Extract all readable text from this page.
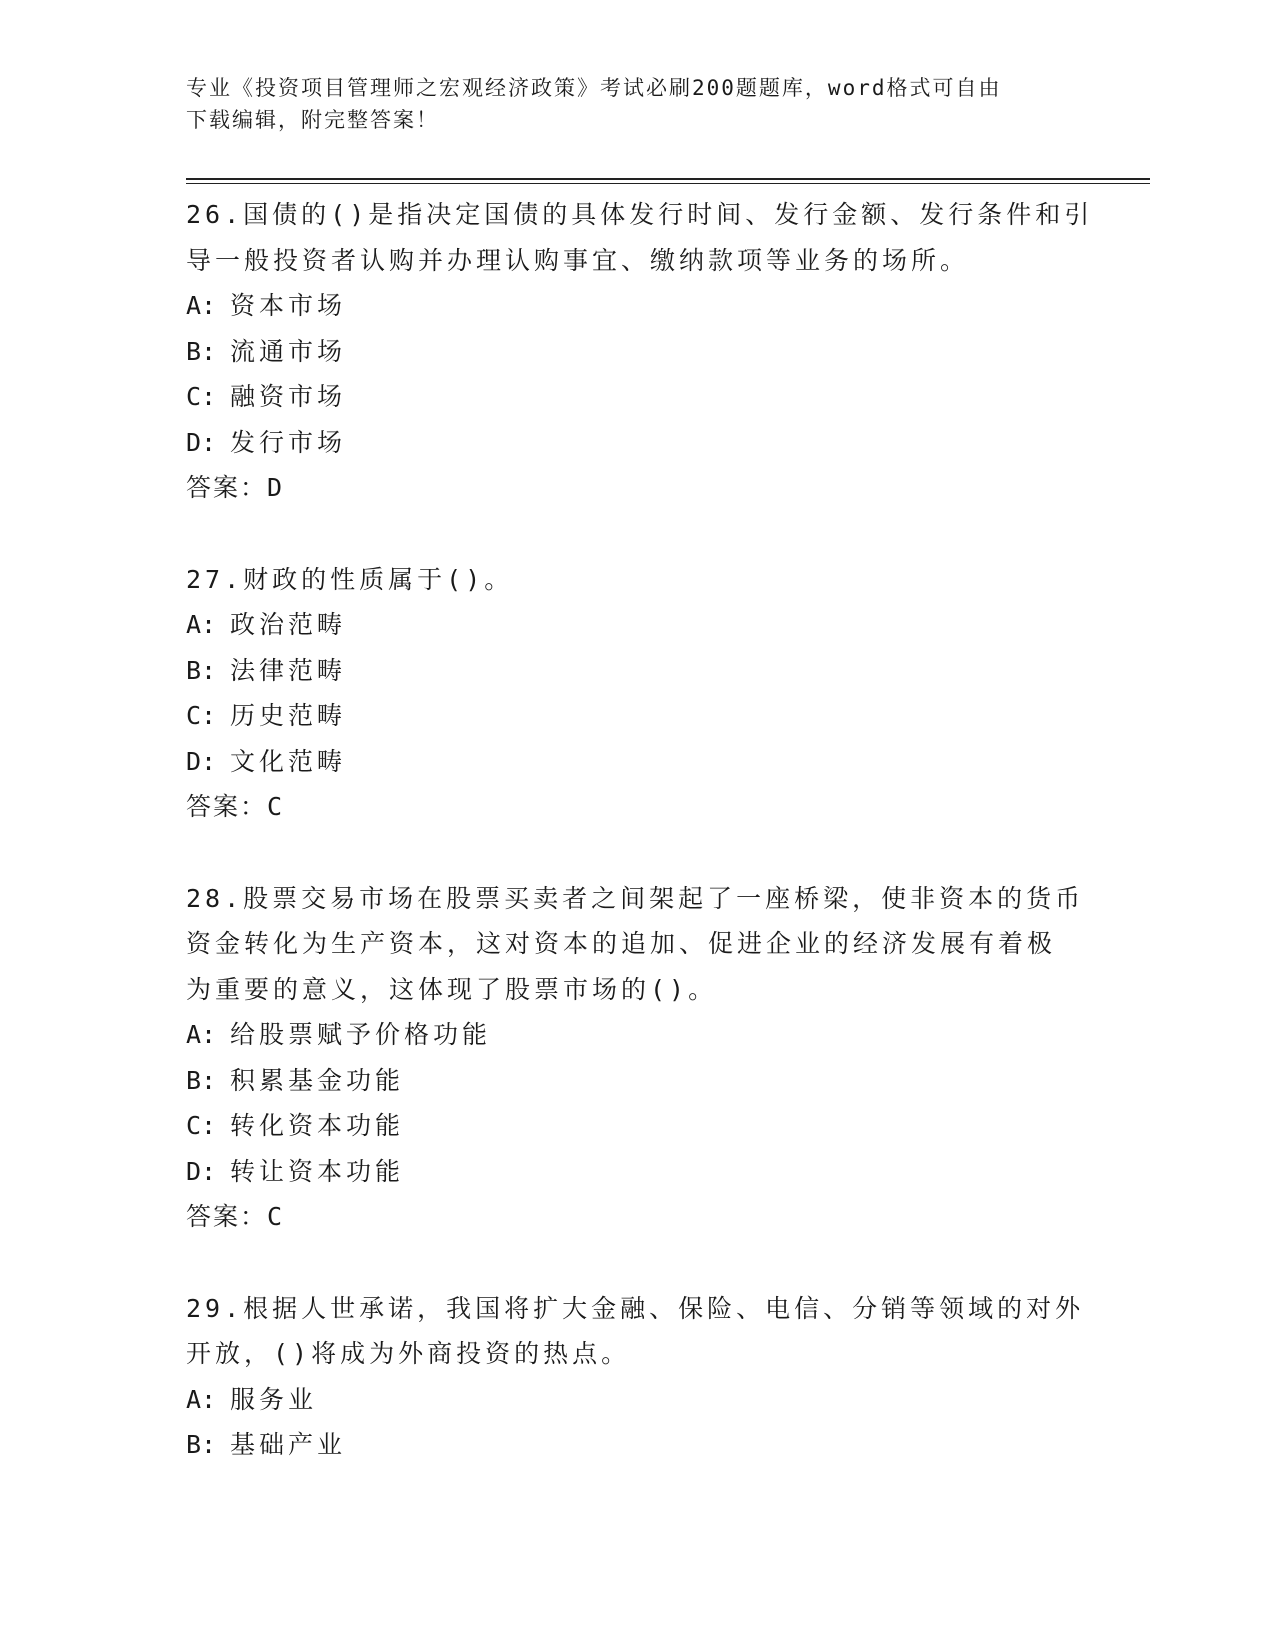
专业《投资项目管理师之宏观经济政策》考试必刷200题题库，word格式可自由
下载编辑，附完整答案！
26.国债的()是指决定国债的具体发行时间、发行金额、发行条件和引
导一般投资者认购并办理认购事宜、缴纳款项等业务的场所。
A: 资本市场
B: 流通市场
C: 融资市场
D: 发行市场
答案：D
27.财政的性质属于()。
A: 政治范畴
B: 法律范畴
C: 历史范畴
D: 文化范畴
答案：C
28.股票交易市场在股票买卖者之间架起了一座桥梁，使非资本的货币
资金转化为生产资本，这对资本的追加、促进企业的经济发展有着极
为重要的意义，这体现了股票市场的()。
A: 给股票赋予价格功能
B: 积累基金功能
C: 转化资本功能
D: 转让资本功能
答案：C
29.根据人世承诺，我国将扩大金融、保险、电信、分销等领域的对外
开放，()将成为外商投资的热点。
A: 服务业
B: 基础产业
